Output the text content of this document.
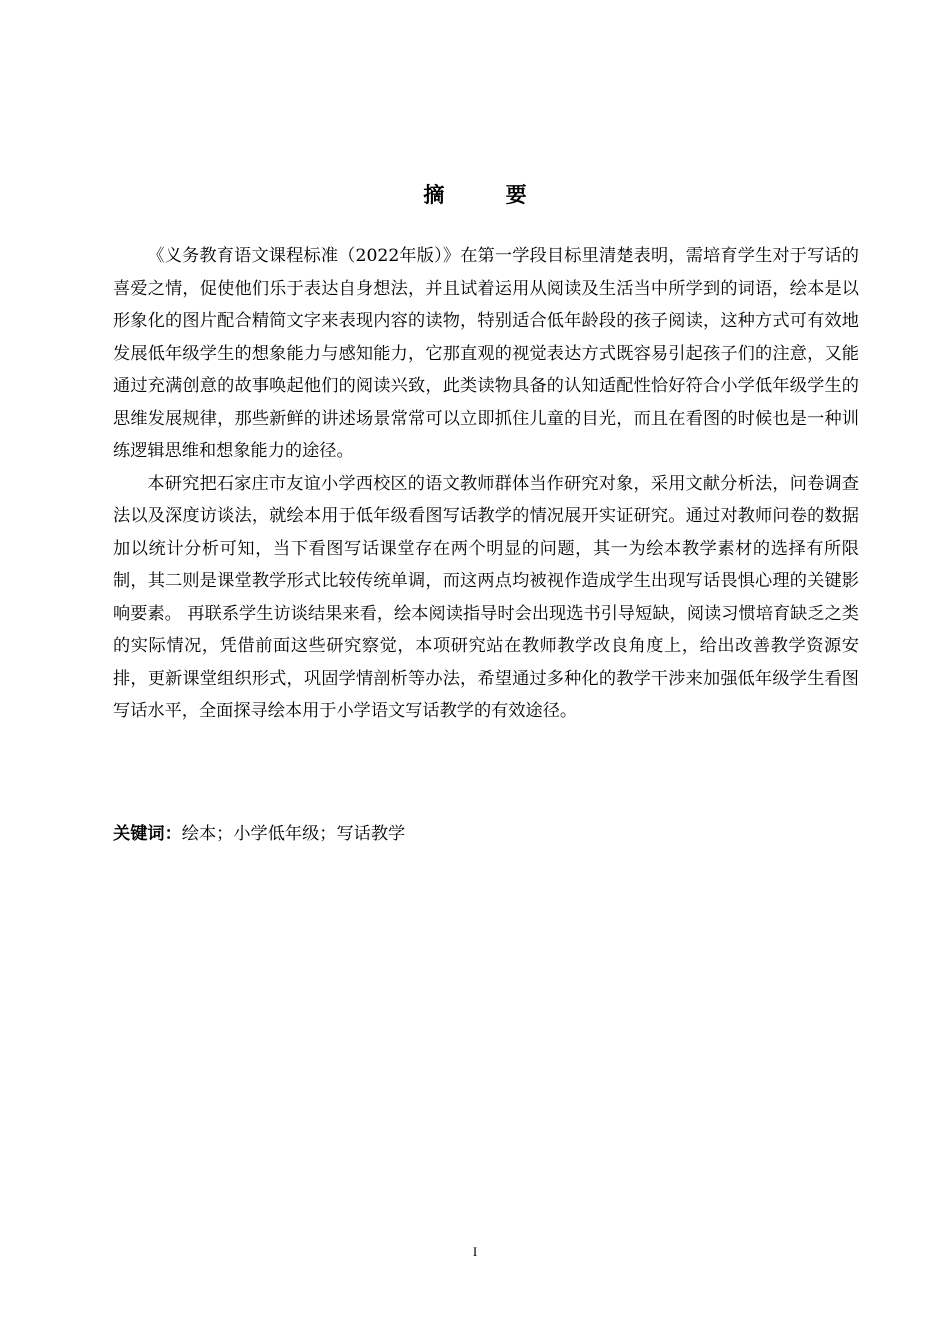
摘 要

《义务教育语文课程标准（2022年版）》在第一学段目标里清楚表明，需培育学生对于写话的喜爱之情，促使他们乐于表达自身想法，并且试着运用从阅读及生活当中所学到的词语，绘本是以形象化的图片配合精简文字来表现内容的读物，特别适合低年龄段的孩子阅读，这种方式可有效地发展低年级学生的想象能力与感知能力，它那直观的视觉表达方式既容易引起孩子们的注意，又能通过充满创意的故事唤起他们的阅读兴致，此类读物具备的认知适配性恰好符合小学低年级学生的思维发展规律，那些新鲜的讲述场景常常可以立即抓住儿童的目光，而且在看图的时候也是一种训练逻辑思维和想象能力的途径。

本研究把石家庄市友谊小学西校区的语文教师群体当作研究对象，采用文献分析法，问卷调查法以及深度访谈法，就绘本用于低年级看图写话教学的情况展开实证研究。通过对教师问卷的数据加以统计分析可知，当下看图写话课堂存在两个明显的问题，其一为绘本教学素材的选择有所限制，其二则是课堂教学形式比较传统单调，而这两点均被视作造成学生出现写话畏惧心理的关键影响要素。 再联系学生访谈结果来看，绘本阅读指导时会出现选书引导短缺，阅读习惯培育缺乏之类的实际情况，凭借前面这些研究察觉，本项研究站在教师教学改良角度上，给出改善教学资源安排，更新课堂组织形式，巩固学情剖析等办法，希望通过多种化的教学干涉来加强低年级学生看图写话水平，全面探寻绘本用于小学语文写话教学的有效途径。

关键词：绘本；小学低年级；写话教学
I
